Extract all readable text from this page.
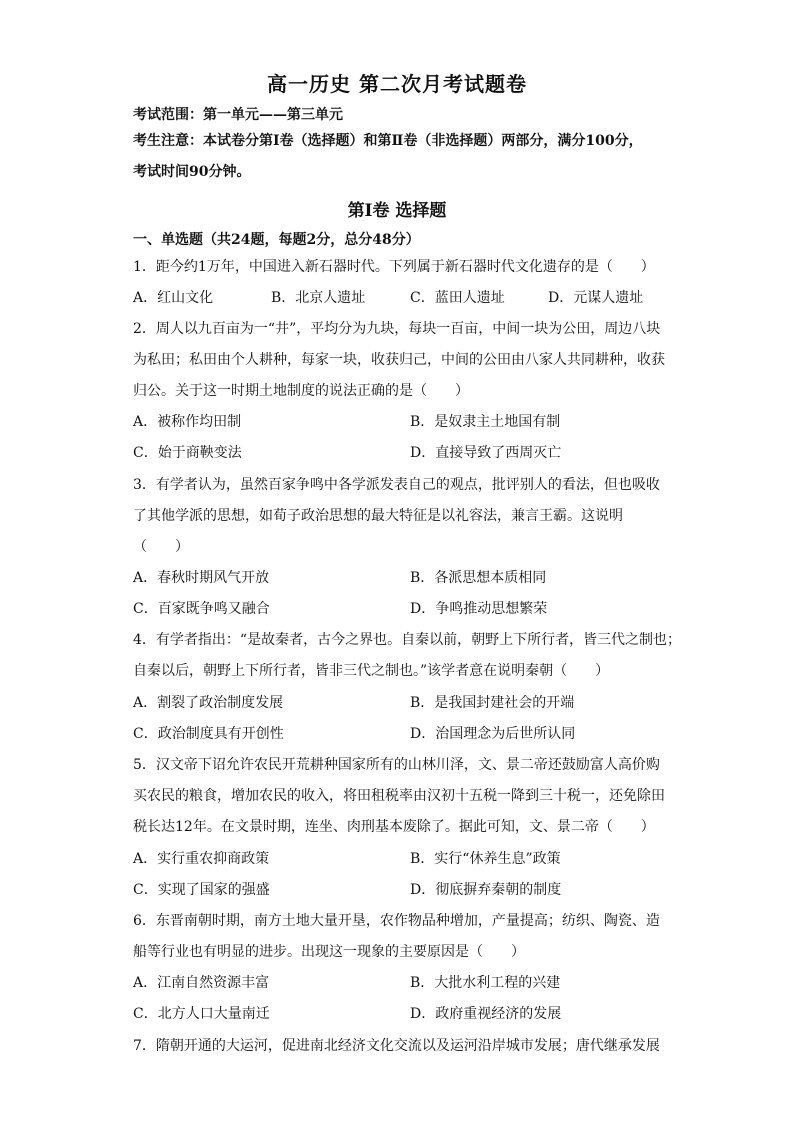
高一历史 第二次月考试题卷
考试范围：第一单元——第三单元
考生注意：本试卷分第Ⅰ卷（选择题）和第Ⅱ卷（非选择题）两部分，满分100分，
考试时间90分钟。
第Ⅰ卷 选择题
一、单选题（共24题，每题2分，总分48分）
1．距今约1万年，中国进入新石器时代。下列属于新石器时代文化遗存的是（　　）
A．红山文化	B．北京人遗址	C．蓝田人遗址	D．元谋人遗址
2．周人以九百亩为一“井”，平均分为九块，每块一百亩，中间一块为公田，周边八块
为私田；私田由个人耕种，每家一块，收获归己，中间的公田由八家人共同耕种，收获
归公。关于这一时期土地制度的说法正确的是（　　）
A．被称作均田制	B．是奴隶主土地国有制
C．始于商鞅变法	D．直接导致了西周灭亡
3．有学者认为，虽然百家争鸣中各学派发表自己的观点，批评别人的看法，但也吸收
了其他学派的思想，如荀子政治思想的最大特征是以礼容法，兼言王霸。这说明
（　　）
A．春秋时期风气开放	B．各派思想本质相同
C．百家既争鸣又融合	D．争鸣推动思想繁荣
4．有学者指出：“是故秦者，古今之界也。自秦以前，朝野上下所行者，皆三代之制也；
自秦以后，朝野上下所行者，皆非三代之制也。”该学者意在说明秦朝（　　）
A．割裂了政治制度发展	B．是我国封建社会的开端
C．政治制度具有开创性	D．治国理念为后世所认同
5．汉文帝下诏允许农民开荒耕种国家所有的山林川泽，文、景二帝还鼓励富人高价购
买农民的粮食，增加农民的收入，将田租税率由汉初十五税一降到三十税一，还免除田
税长达12年。在文景时期，连坐、肉刑基本废除了。据此可知，文、景二帝（　　）
A．实行重农抑商政策	B．实行“休养生息”政策
C．实现了国家的强盛	D．彻底摒弃秦朝的制度
6．东晋南朝时期，南方土地大量开垦，农作物品种增加，产量提高；纺织、陶瓷、造
船等行业也有明显的进步。出现这一现象的主要原因是（　　）
A．江南自然资源丰富	B．大批水利工程的兴建
C．北方人口大量南迁	D．政府重视经济的发展
7．隋朝开通的大运河，促进南北经济文化交流以及运河沿岸城市发展；唐代继承发展
